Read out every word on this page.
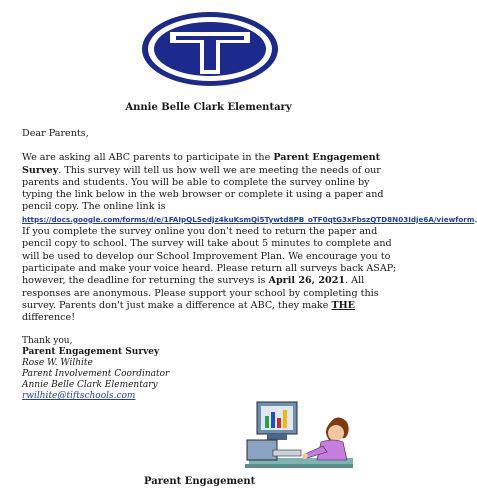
Annie Belle Clark Elementary

Dear Parents,

We are asking all ABC parents to participate in the Parent Engagement Survey. This survey will tell us how well we are meeting the needs of our parents and students. You will be able to complete the survey online by typing the link below in the web browser or complete it using a paper and pencil copy. The online link is https://docs.google.com/forms/d/e/1FAIpQLSedjz4kuKsmQi5Tywtd8PB_oTF0qtG3xFbszQTD8N03Idje6A/viewform If you complete the survey online you don't need to return the paper and pencil copy to school. The survey will take about 5 minutes to complete and will be used to develop our School Improvement Plan. We encourage you to participate and make your voice heard. Please return all surveys back ASAP; however, the deadline for returning the surveys is April 26, 2021. All responses are anonymous. Please support your school by completing this survey. Parents don't just make a difference at ABC, they make THE difference!

Thank you,
Parent Engagement Survey
Rose W. Wilhite
Parent Involvement Coordinator
Annie Belle Clark Elementary
rwilhite@tiftschools.com
Parent Engagement
